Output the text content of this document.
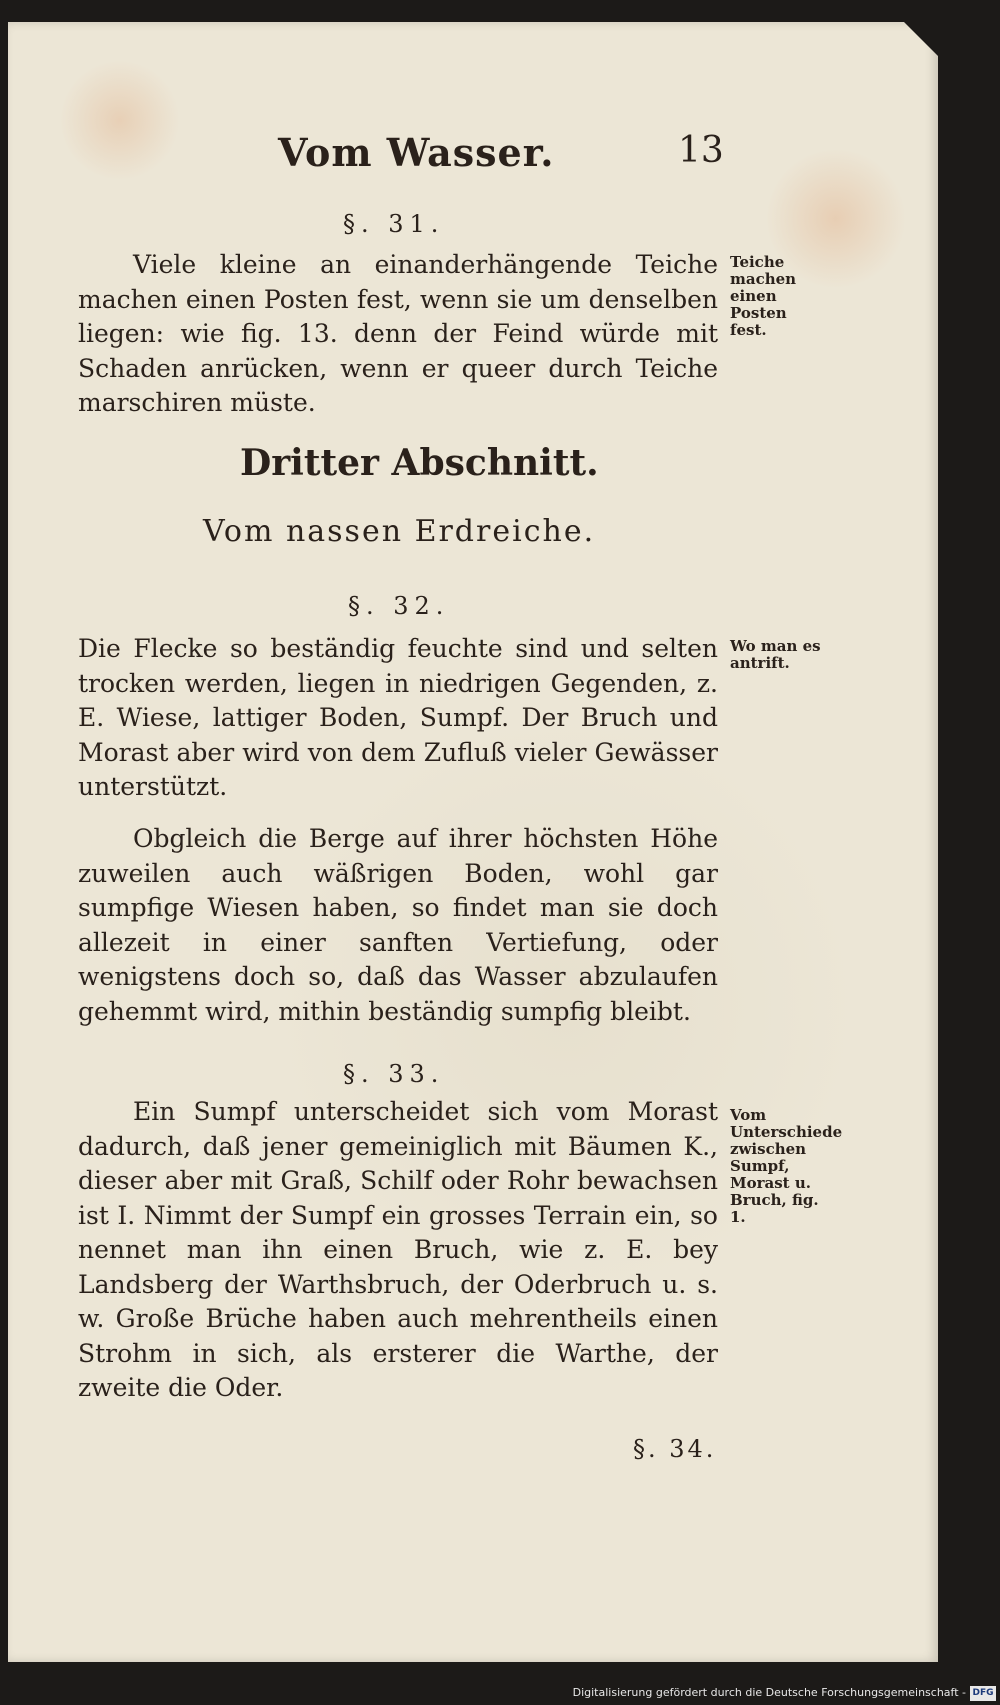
Vom Wasser.	13
§. 31.
Viele kleine an einanderhängende Teiche machen einen Posten fest, wenn sie um denselben liegen: wie fig. 13. denn der Feind würde mit Schaden anrücken, wenn er queer durch Teiche marschiren müste.
Teiche machen einen Posten fest.
Dritter Abschnitt.
Vom nassen Erdreiche.
§. 32.
Die Flecke so beständig feuchte sind und selten trocken werden, liegen in niedrigen Gegenden, z. E. Wiese, lattiger Boden, Sumpf. Der Bruch und Morast aber wird von dem Zufluß vieler Gewässer unterstützt.
Obgleich die Berge auf ihrer höchsten Höhe zuweilen auch wäßrigen Boden, wohl gar sumpfige Wiesen haben, so findet man sie doch allezeit in einer sanften Vertiefung, oder wenigstens doch so, daß das Wasser abzulaufen gehemmt wird, mithin beständig sumpfig bleibt.
Wo man es antrift.
§. 33.
Ein Sumpf unterscheidet sich vom Morast dadurch, daß jener gemeiniglich mit Bäumen K., dieser aber mit Graß, Schilf oder Rohr bewachsen ist I. Nimmt der Sumpf ein grosses Terrain ein, so nennet man ihn einen Bruch, wie z. E. bey Landsberg der Warthsbruch, der Oderbruch u. s. w. Große Brüche haben auch mehrentheils einen Strohm in sich, als ersterer die Warthe, der zweite die Oder.
Vom Unterschiede zwischen Sumpf, Morast u. Bruch, fig. 1.
§. 34.
Digitalisierung gefördert durch die Deutsche Forschungsgemeinschaft - DFG
